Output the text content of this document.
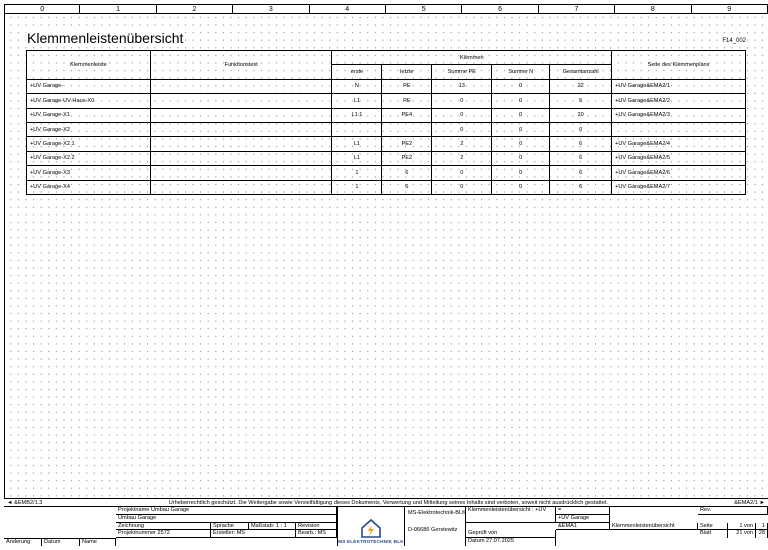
0	1	2	3	4	5	6	7	8	9
Klemmenleistenübersicht	F14_002
Klemmenleiste	Funktionstext	Klemmen					Seite des Klemmenplans
		erste	letzte	Summe PE	Summe N	Gesamtanzahl	
+UV Garage-		N	PE	13	0	22	+UV Garage&EMA2/1
+UV Garage-UV Haus-X0		L1	PE	0	0	5	+UV Garage&EMA2/2
+UV Garage-X1		L1:1	PE4	0	0	20	+UV Garage&EMA2/3
+UV Garage-X2				0	0	0	
+UV Garage-X2.1		L1	PE2	2	0	6	+UV Garage&EMA2/4
+UV Garage-X2.2		L1	PE2	2	0	6	+UV Garage&EMA2/5
+UV Garage-X3		1	6	0	0	6	+UV Garage&EMA2/6
+UV Garage-X4		1	6	0	0	6	+UV Garage&EMA2/7
◄ &EMB2/1.3	Urheberrechtlich geschützt. Die Weitergabe sowie Vervielfältigung dieses Dokuments, Verwertung und Mitteilung seines Inhalts sind verboten, soweit nicht ausdrücklich gestattet.	&EMA2/1 ►
Änderung	Datum	Name
Projektname Umbau Garage
Umbau Garage
Zeichnung	Sprache	Maßstab: 1 : 1	Revision
Projektnummer 2572	Ersteller: MS	Bearb.: MS
MS ELEKTROTECHNIK BLK
MS-Elektrotechnik-BLK
D-06686 Gerstewitz
Klemmenleistenübersicht : +UV
Geprüft von
Datum 27.07.2025
=
+UV Garage
&EMA1	Klemmenleistenübersicht
Rev.
Seite	1 von	1
Blatt	21 von	28
